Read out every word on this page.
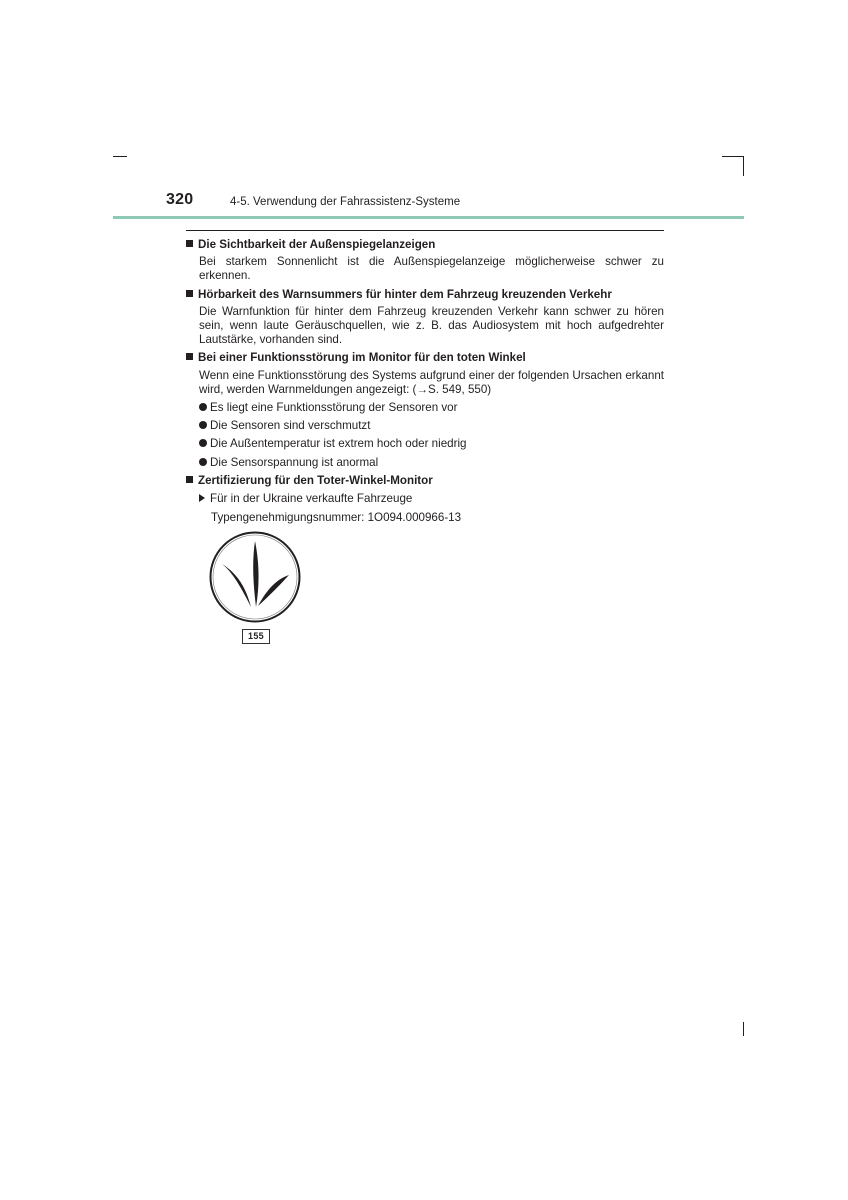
320	4-5. Verwendung der Fahrassistenz-Systeme
Die Sichtbarkeit der Außenspiegelanzeigen
Bei starkem Sonnenlicht ist die Außenspiegelanzeige möglicherweise schwer zu erkennen.
Hörbarkeit des Warnsummers für hinter dem Fahrzeug kreuzenden Verkehr
Die Warnfunktion für hinter dem Fahrzeug kreuzenden Verkehr kann schwer zu hören sein, wenn laute Geräuschquellen, wie z. B. das Audiosystem mit hoch aufgedrehter Lautstärke, vorhanden sind.
Bei einer Funktionsstörung im Monitor für den toten Winkel
Wenn eine Funktionsstörung des Systems aufgrund einer der folgenden Ursachen erkannt wird, werden Warnmeldungen angezeigt: (→S. 549, 550)
Es liegt eine Funktionsstörung der Sensoren vor
Die Sensoren sind verschmutzt
Die Außentemperatur ist extrem hoch oder niedrig
Die Sensorspannung ist anormal
Zertifizierung für den Toter-Winkel-Monitor
Für in der Ukraine verkaufte Fahrzeuge
Typengenehmigungsnummer: 1O094.000966-13
155
